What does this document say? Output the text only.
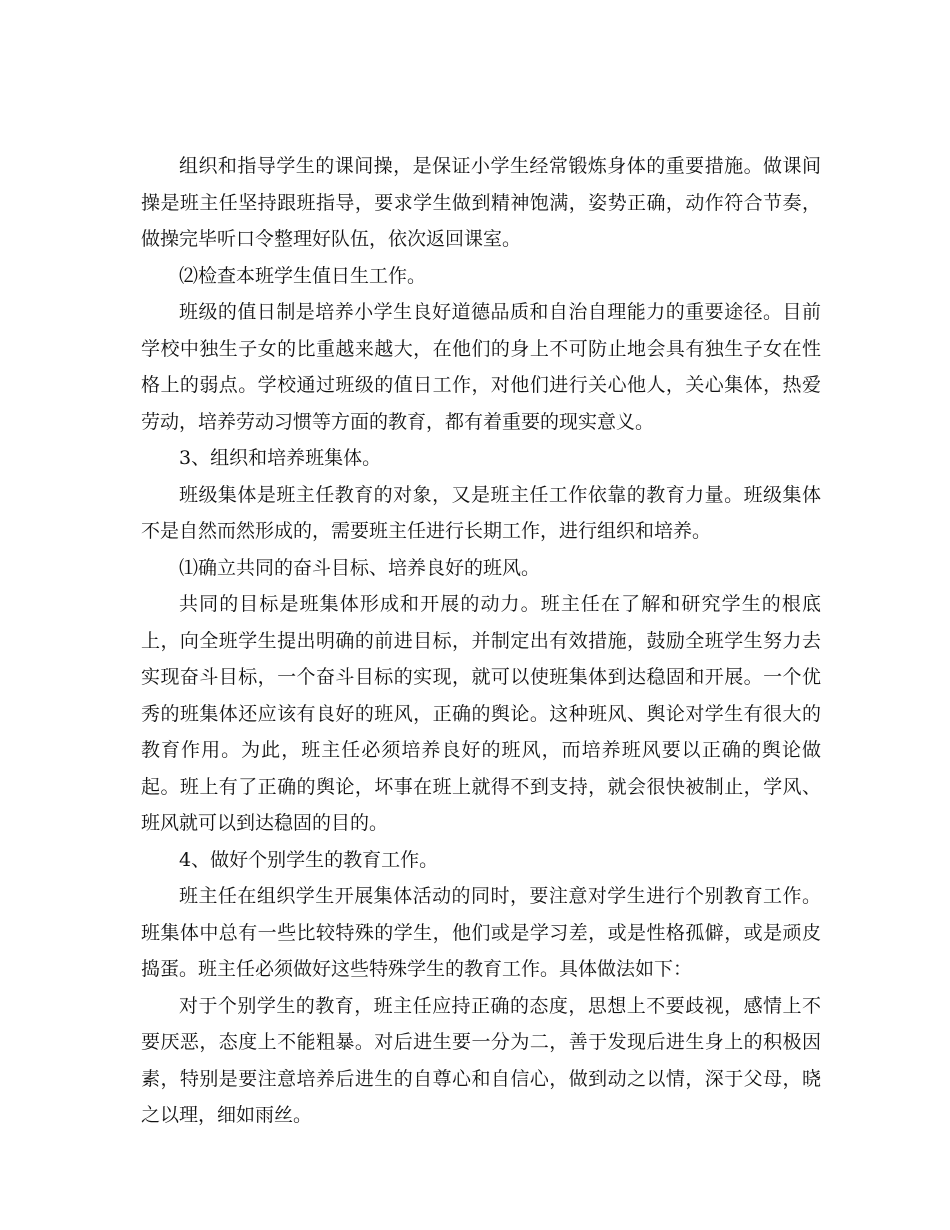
组织和指导学生的课间操，是保证小学生经常锻炼身体的重要措施。做课间操是班主任坚持跟班指导，要求学生做到精神饱满，姿势正确，动作符合节奏，做操完毕听口令整理好队伍，依次返回课室。

⑵检查本班学生值日生工作。

班级的值日制是培养小学生良好道德品质和自治自理能力的重要途径。目前学校中独生子女的比重越来越大，在他们的身上不可防止地会具有独生子女在性格上的弱点。学校通过班级的值日工作，对他们进行关心他人，关心集体，热爱劳动，培养劳动习惯等方面的教育，都有着重要的现实意义。

3、组织和培养班集体。

班级集体是班主任教育的对象，又是班主任工作依靠的教育力量。班级集体不是自然而然形成的，需要班主任进行长期工作，进行组织和培养。

⑴确立共同的奋斗目标、培养良好的班风。

共同的目标是班集体形成和开展的动力。班主任在了解和研究学生的根底上，向全班学生提出明确的前进目标，并制定出有效措施，鼓励全班学生努力去实现奋斗目标，一个奋斗目标的实现，就可以使班集体到达稳固和开展。一个优秀的班集体还应该有良好的班风，正确的舆论。这种班风、舆论对学生有很大的教育作用。为此，班主任必须培养良好的班风，而培养班风要以正确的舆论做起。班上有了正确的舆论，坏事在班上就得不到支持，就会很快被制止，学风、班风就可以到达稳固的目的。

4、做好个别学生的教育工作。

班主任在组织学生开展集体活动的同时，要注意对学生进行个别教育工作。班集体中总有一些比较特殊的学生，他们或是学习差，或是性格孤僻，或是顽皮捣蛋。班主任必须做好这些特殊学生的教育工作。具体做法如下：

对于个别学生的教育，班主任应持正确的态度，思想上不要歧视，感情上不要厌恶，态度上不能粗暴。对后进生要一分为二，善于发现后进生身上的积极因素，特别是要注意培养后进生的自尊心和自信心，做到动之以情，深于父母，晓之以理，细如雨丝。
